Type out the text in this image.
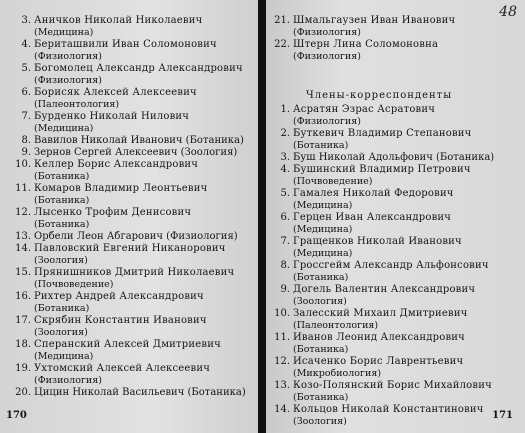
3. Аничков Николай Николаевич
(Медицина)
4. Бериташвили Иван Соломонович
(Физиология)
5. Богомолец Александр Александрович
(Физиология)
6. Борисяк Алексей Алексеевич
(Палеонтология)
7. Бурденко Николай Нилович
(Медицина)
8. Вавилов Николай Иванович (Ботаника)
9. Зернов Сергей Алексеевич (Зоология)
10. Келлер Борис Александрович
(Ботаника)
11. Комаров Владимир Леонтьевич
(Ботаника)
12. Лысенко Трофим Денисович
(Ботаника)
13. Орбели Леон Абгарович (Физиология)
14. Павловский Евгений Никанорович
(Зоология)
15. Прянишников Дмитрий Николаевич
(Почвоведение)
16. Рихтер Андрей Александрович
(Ботаника)
17. Скрябин Константин Иванович
(Зоология)
18. Сперанский Алексей Дмитриевич
(Медицина)
19. Ухтомский Алексей Алексеевич
(Физиология)
20. Цицин Николай Васильевич (Ботаника)
170
48
21. Шмальгаузен Иван Иванович
(Физиология)
22. Штерн Лина Соломоновна
(Физиология)
Члены-корреспонденты
1. Асратян Эзрас Асратович
(Физиология)
2. Буткевич Владимир Степанович
(Ботаника)
3. Буш Николай Адольфович (Ботаника)
4. Бушинский Владимир Петрович
(Почвоведение)
5. Гамалея Николай Федорович
(Медицина)
6. Герцен Иван Александрович
(Медицина)
7. Гращенков Николай Иванович
(Медицина)
8. Гроссгейм Александр Альфонсович
(Ботаника)
9. Догель Валентин Александрович
(Зоология)
10. Залесский Михаил Дмитриевич
(Палеонтология)
11. Иванов Леонид Александрович
(Ботаника)
12. Исаченко Борис Лаврентьевич
(Микробиология)
13. Козо-Полянский Борис Михайлович
(Ботаника)
14. Кольцов Николай Константинович
(Зоология)
171
